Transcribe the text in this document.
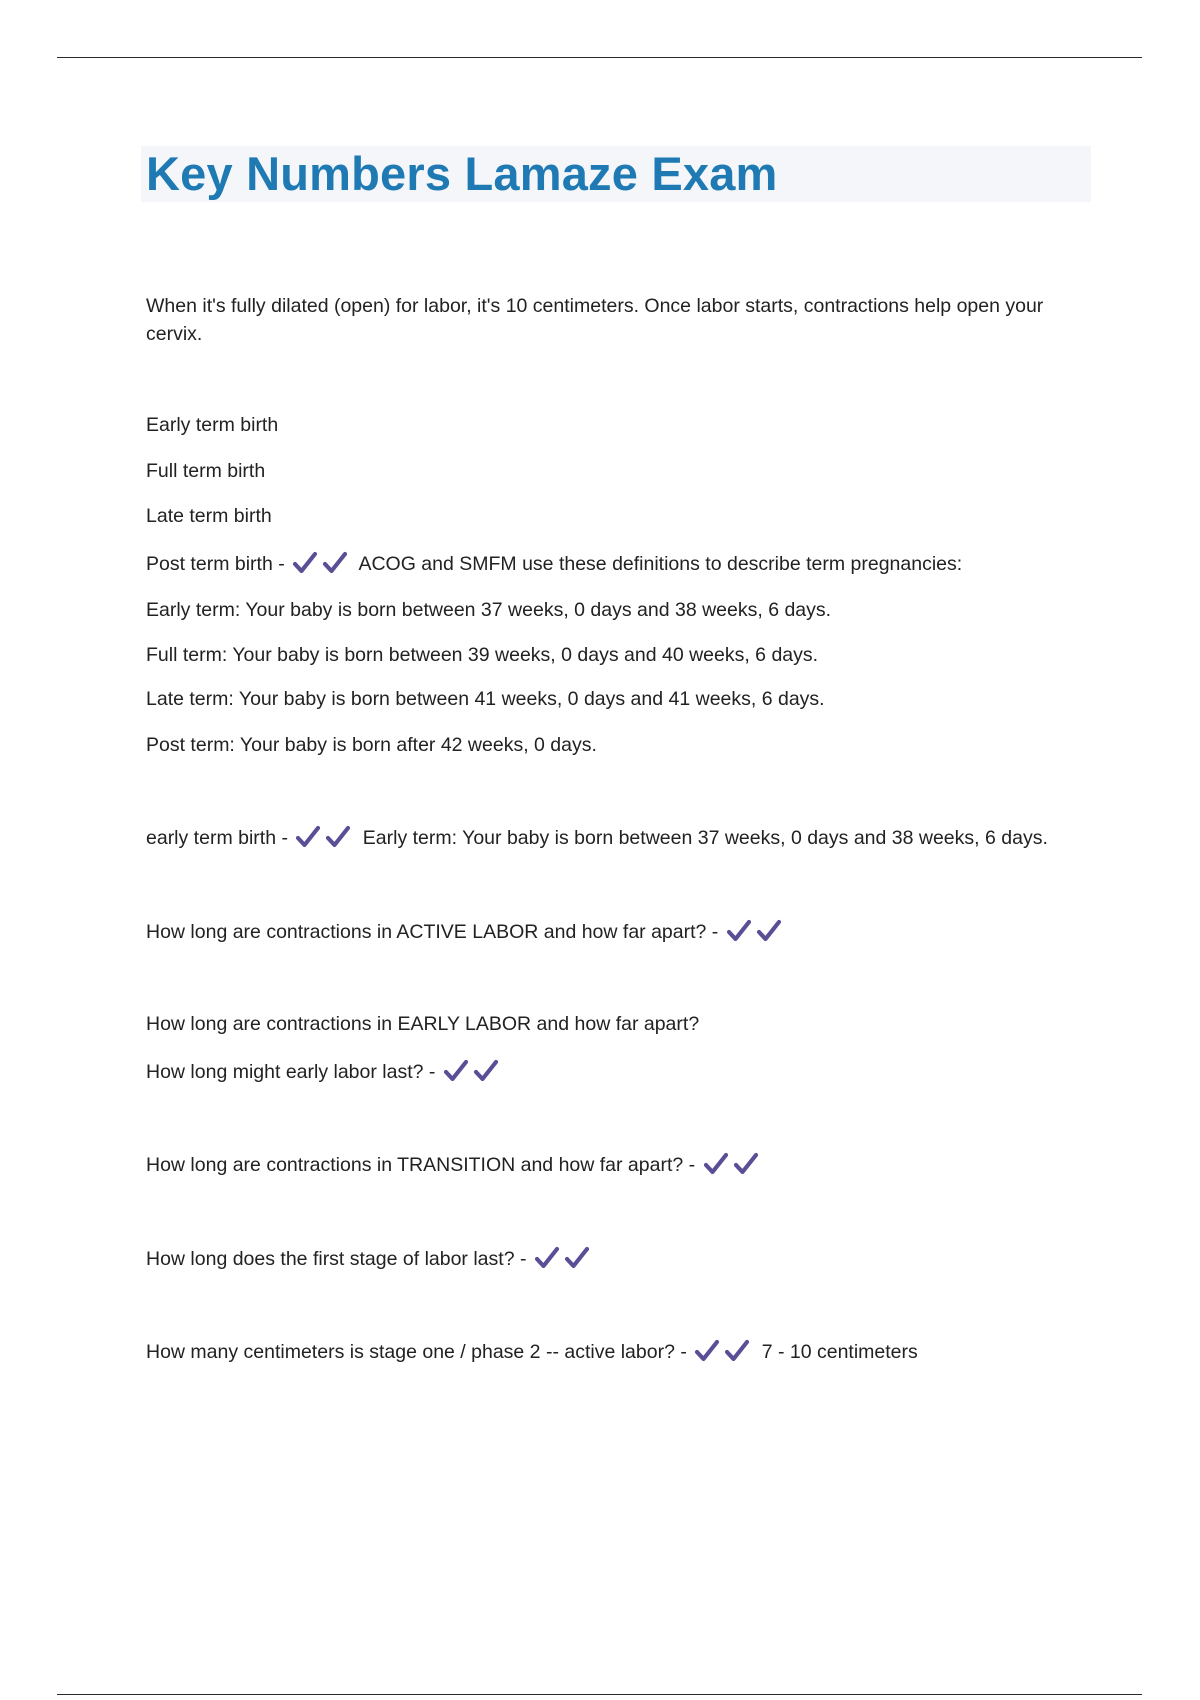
Key Numbers Lamaze Exam
When it's fully dilated (open) for labor, it's 10 centimeters. Once labor starts, contractions help open your cervix.
Early term birth
Full term birth
Late term birth
Post term birth -	ACOG and SMFM use these definitions to describe term pregnancies:
Early term: Your baby is born between 37 weeks, 0 days and 38 weeks, 6 days.
Full term: Your baby is born between 39 weeks, 0 days and 40 weeks, 6 days.
Late term: Your baby is born between 41 weeks, 0 days and 41 weeks, 6 days.
Post term: Your baby is born after 42 weeks, 0 days.
early term birth -	Early term: Your baby is born between 37 weeks, 0 days and 38 weeks, 6 days.
How long are contractions in ACTIVE LABOR and how far apart? -
How long are contractions in EARLY LABOR and how far apart?
How long might early labor last? -
How long are contractions in TRANSITION and how far apart? -
How long does the first stage of labor last? -
How many centimeters is stage one / phase 2 -- active labor? -	7 - 10 centimeters
